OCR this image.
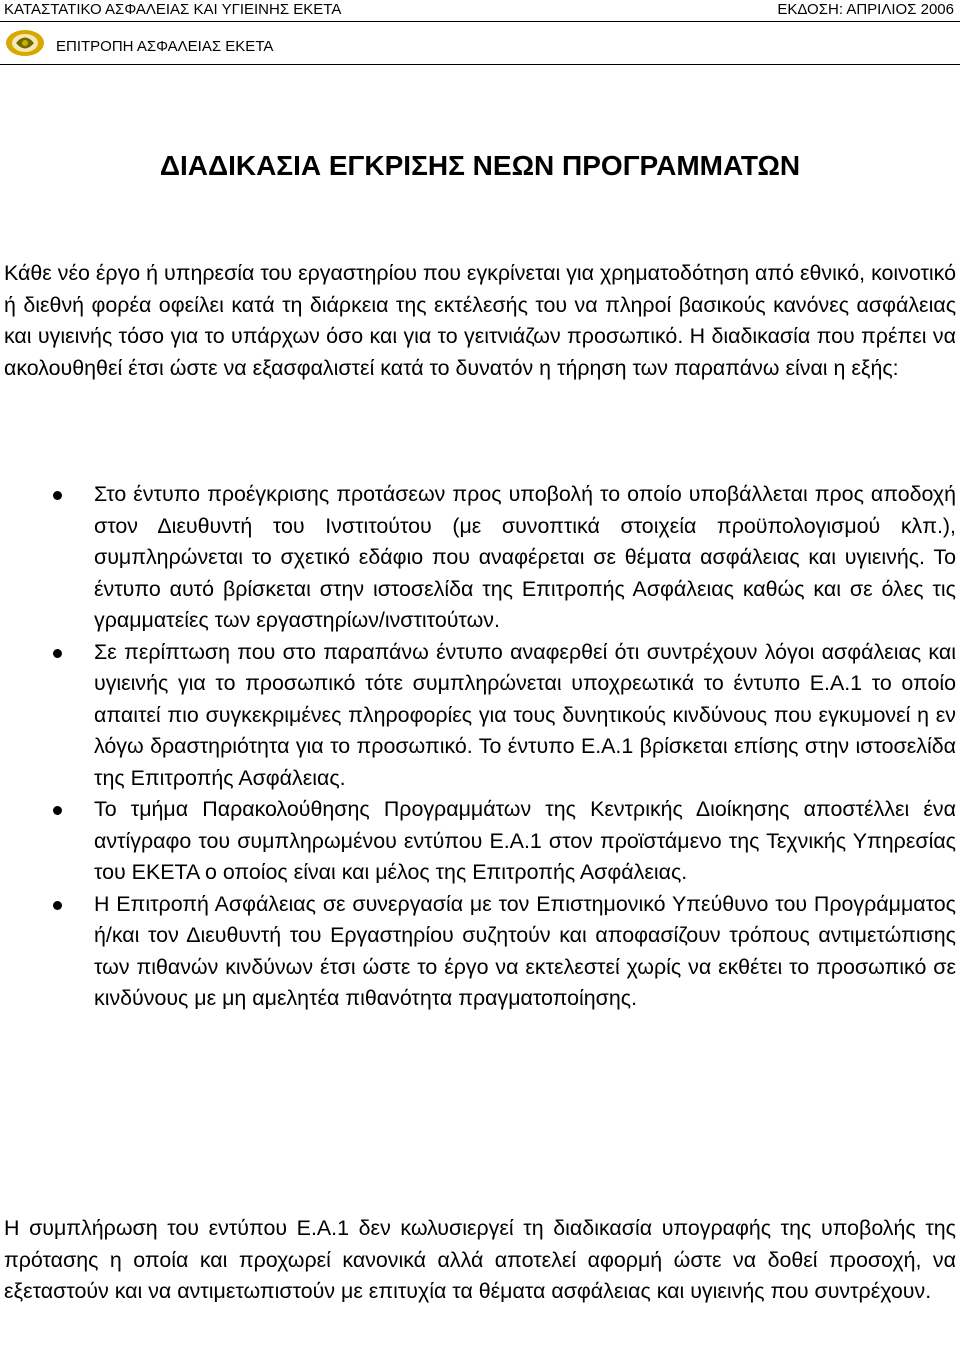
ΚΑΤΑΣΤΑΤΙΚΟ ΑΣΦΑΛΕΙΑΣ ΚΑΙ ΥΓΙΕΙΝΗΣ ΕΚΕΤΑ	ΕΚΔΟΣΗ: ΑΠΡΙΛΙΟΣ 2006
ΕΠΙΤΡΟΠΗ ΑΣΦΑΛΕΙΑΣ ΕΚΕΤΑ
ΔΙΑΔΙΚΑΣΙΑ ΕΓΚΡΙΣΗΣ ΝΕΩΝ ΠΡΟΓΡΑΜΜΑΤΩΝ
Κάθε νέο έργο ή υπηρεσία του εργαστηρίου που εγκρίνεται για χρηματοδότηση από εθνικό, κοινοτικό ή διεθνή φορέα οφείλει κατά τη διάρκεια της εκτέλεσής του να πληροί βασικούς κανόνες ασφάλειας και υγιεινής τόσο για το υπάρχων όσο και για το γειτνιάζων προσωπικό. Η διαδικασία που πρέπει να ακολουθηθεί έτσι ώστε να εξασφαλιστεί κατά το δυνατόν η τήρηση των παραπάνω είναι η εξής:
Στο έντυπο προέγκρισης προτάσεων προς υποβολή το οποίο υποβάλλεται προς αποδοχή στον Διευθυντή του Ινστιτούτου (με συνοπτικά στοιχεία προϋπολογισμού κλπ.), συμπληρώνεται το σχετικό εδάφιο που αναφέρεται σε θέματα ασφάλειας και υγιεινής. Το έντυπο αυτό βρίσκεται στην ιστοσελίδα της Επιτροπής Ασφάλειας καθώς και σε όλες τις γραμματείες των εργαστηρίων/ινστιτούτων.
Σε περίπτωση που στο παραπάνω έντυπο αναφερθεί ότι συντρέχουν λόγοι ασφάλειας και υγιεινής για το προσωπικό τότε συμπληρώνεται υποχρεωτικά το έντυπο Ε.Α.1 το οποίο απαιτεί πιο συγκεκριμένες πληροφορίες για τους δυνητικούς κινδύνους που εγκυμονεί η εν λόγω δραστηριότητα για το προσωπικό. Το έντυπο Ε.Α.1 βρίσκεται επίσης στην ιστοσελίδα της Επιτροπής Ασφάλειας.
Το τμήμα Παρακολούθησης Προγραμμάτων της Κεντρικής Διοίκησης αποστέλλει ένα αντίγραφο του συμπληρωμένου εντύπου Ε.Α.1 στον προϊστάμενο της Τεχνικής Υπηρεσίας του ΕΚΕΤΑ ο οποίος είναι και μέλος της Επιτροπής Ασφάλειας.
Η Επιτροπή Ασφάλειας σε συνεργασία με τον Επιστημονικό Υπεύθυνο του Προγράμματος ή/και τον Διευθυντή του Εργαστηρίου συζητούν και αποφασίζουν τρόπους αντιμετώπισης των πιθανών κινδύνων έτσι ώστε το έργο να εκτελεστεί χωρίς να εκθέτει το προσωπικό σε κινδύνους με μη αμελητέα πιθανότητα πραγματοποίησης.
Η συμπλήρωση του εντύπου Ε.Α.1 δεν κωλυσιεργεί τη διαδικασία υπογραφής της υποβολής της πρότασης η οποία και προχωρεί κανονικά αλλά αποτελεί αφορμή ώστε να δοθεί προσοχή, να εξεταστούν και να αντιμετωπιστούν με επιτυχία τα θέματα ασφάλειας και υγιεινής που συντρέχουν.
